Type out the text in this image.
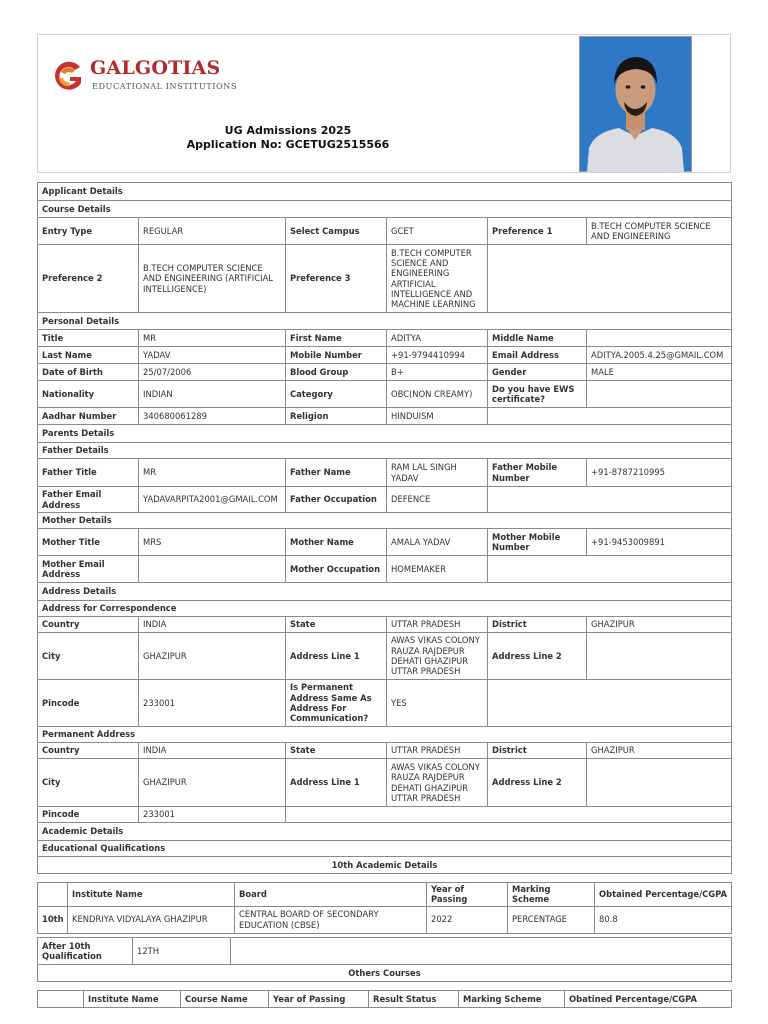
GALGOTIAS
EDUCATIONAL INSTITUTIONS
UG Admissions 2025
Application No: GCETUG2515566
Applicant Details					
Course Details					
Entry Type	REGULAR	Select Campus	GCET	Preference 1	B.TECH COMPUTER SCIENCE AND ENGINEERING
Preference 2	B.TECH COMPUTER SCIENCE AND ENGINEERING (ARTIFICIAL INTELLIGENCE)	Preference 3	B.TECH COMPUTER SCIENCE AND ENGINEERING ARTIFICIAL INTELLIGENCE AND MACHINE LEARNING		
Personal Details					
Title	MR	First Name	ADITYA	Middle Name	
Last Name	YADAV	Mobile Number	+91-9794410994	Email Address	ADITYA.2005.4.25@GMAIL.COM
Date of Birth	25/07/2006	Blood Group	B+	Gender	MALE
Nationality	INDIAN	Category	OBC(NON CREAMY)	Do you have EWS certificate?	
Aadhar Number	340680061289	Religion	HINDUISM		
Parents Details					
Father Details					
Father Title	MR	Father Name	RAM LAL SINGH YADAV	Father Mobile Number	+91-8787210995
Father Email Address	YADAVARPITA2001@GMAIL.COM	Father Occupation	DEFENCE		
Mother Details					
Mother Title	MRS	Mother Name	AMALA YADAV	Mother Mobile Number	+91-9453009891
Mother Email Address		Mother Occupation	HOMEMAKER		
Address Details					
Address for Correspondence					
Country	INDIA	State	UTTAR PRADESH	District	GHAZIPUR
City	GHAZIPUR	Address Line 1	AWAS VIKAS COLONY RAUZA RAJDEPUR DEHATI GHAZIPUR UTTAR PRADESH	Address Line 2	
Pincode	233001	Is Permanent Address Same As Address For Communication?	YES		
Permanent Address					
Country	INDIA	State	UTTAR PRADESH	District	GHAZIPUR
City	GHAZIPUR	Address Line 1	AWAS VIKAS COLONY RAUZA RAJDEPUR DEHATI GHAZIPUR UTTAR PRADESH	Address Line 2	
Pincode	233001				
Academic Details					
Educational Qualifications					
10th Academic Details					
	Institute Name	Board	Year of Passing	Marking Scheme	Obtained Percentage/CGPA
10th	KENDRIYA VIDYALAYA GHAZIPUR	CENTRAL BOARD OF SECONDARY EDUCATION (CBSE)	2022	PERCENTAGE	80.8
After 10th Qualification	12TH	
Others Courses
	Institute Name	Course Name	Year of Passing	Result Status	Marking Scheme	Obatined Percentage/CGPA
